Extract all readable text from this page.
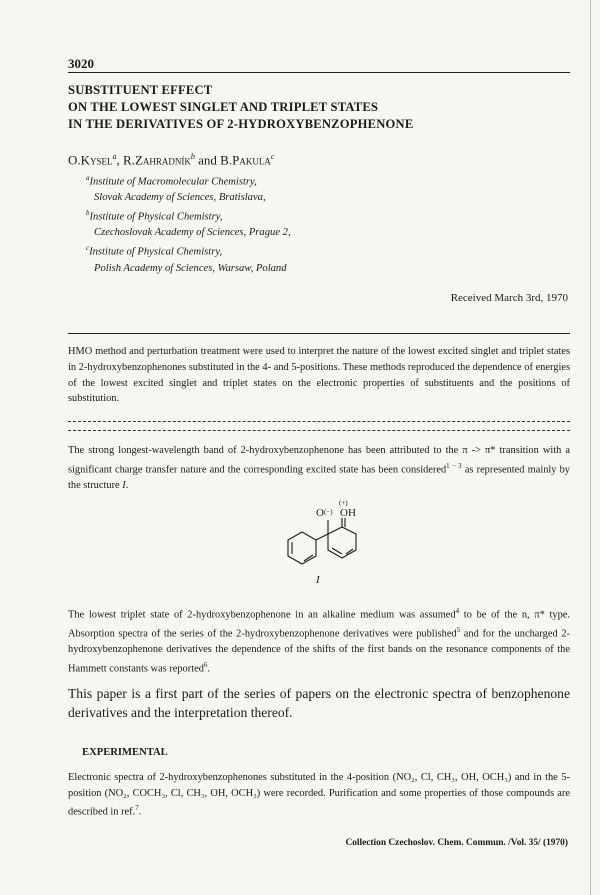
3020
SUBSTITUENT EFFECT
ON THE LOWEST SINGLET AND TRIPLET STATES
IN THE DERIVATIVES OF 2-HYDROXYBENZOPHENONE
O.Kysel$^a$, R.Zahradník$^b$ and B.Pakula$^c$
$^a$Institute of Macromolecular Chemistry,
Slovak Academy of Sciences, Bratislava,
$^b$Institute of Physical Chemistry,
Czechoslovak Academy of Sciences, Prague 2,
$^c$Institute of Physical Chemistry,
Polish Academy of Sciences, Warsaw, Poland
Received March 3rd, 1970
HMO method and perturbation treatment were used to interpret the nature of the lowest excited singlet and triplet states in 2-hydroxybenzophenones substituted in the 4- and 5-positions. These methods reproduced the dependence of energies of the lowest excited singlet and triplet states on the electronic properties of substituents and the positions of substitution.
The strong longest-wavelength band of 2-hydroxybenzophenone has been attributed to the π -> π* transition with a significant charge transfer nature and the corresponding excited state has been considered$^{1 - 3}$ as represented mainly by the structure I.
O (−)
(+)
OH
I
The lowest triplet state of 2-hydroxybenzophenone in an alkaline medium was assumed$^4$ to be of the n, π* type. Absorption spectra of the series of the 2-hydroxybenzophenone derivatives were published$^5$ and for the uncharged 2-hydroxybenzophenone derivatives the dependence of the shifts of the first bands on the resonance components of the Hammett constants was reported$^6$.
This paper is a first part of the series of papers on the electronic spectra of benzophenone derivatives and the interpretation thereof.
EXPERIMENTAL
Electronic spectra of 2-hydroxybenzophenones substituted in the 4-position (NO₂, Cl, CH₃, OH, OCH₃) and in the 5-position (NO₂, COCH₃, Cl, CH₃, OH, OCH₃) were recorded. Purification and some properties of those compounds are described in ref.$^7$.
Collection Czechoslov. Chem. Commun. /Vol. 35/ (1970)
